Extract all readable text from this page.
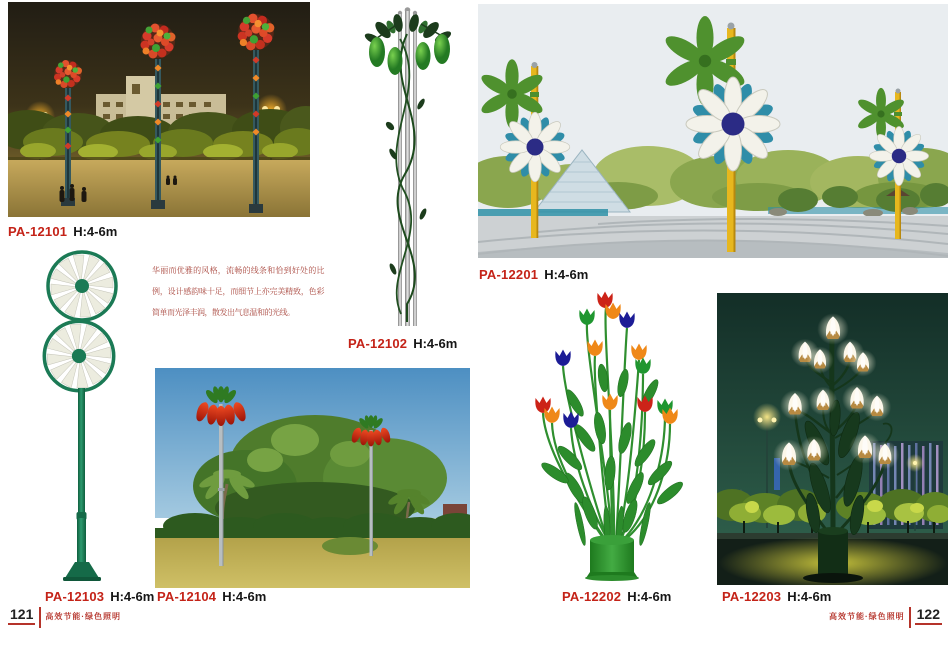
PA-12101 H:4-6m
华丽而优雅的风格，流畅的线条和恰到好处的比例，设计感韵味十足，而细节上亦完美精致，色彩简单而光泽丰润，散发出气息温和的光线。
PA-12102 H:4-6m
PA-12201 H:4-6m
PA-12103 H:4-6m PA-12104 H:4-6m	PA-12202 H:4-6m	PA-12203 H:4-6m
121 高效节能·绿色照明	122
高效节能·绿色照明
